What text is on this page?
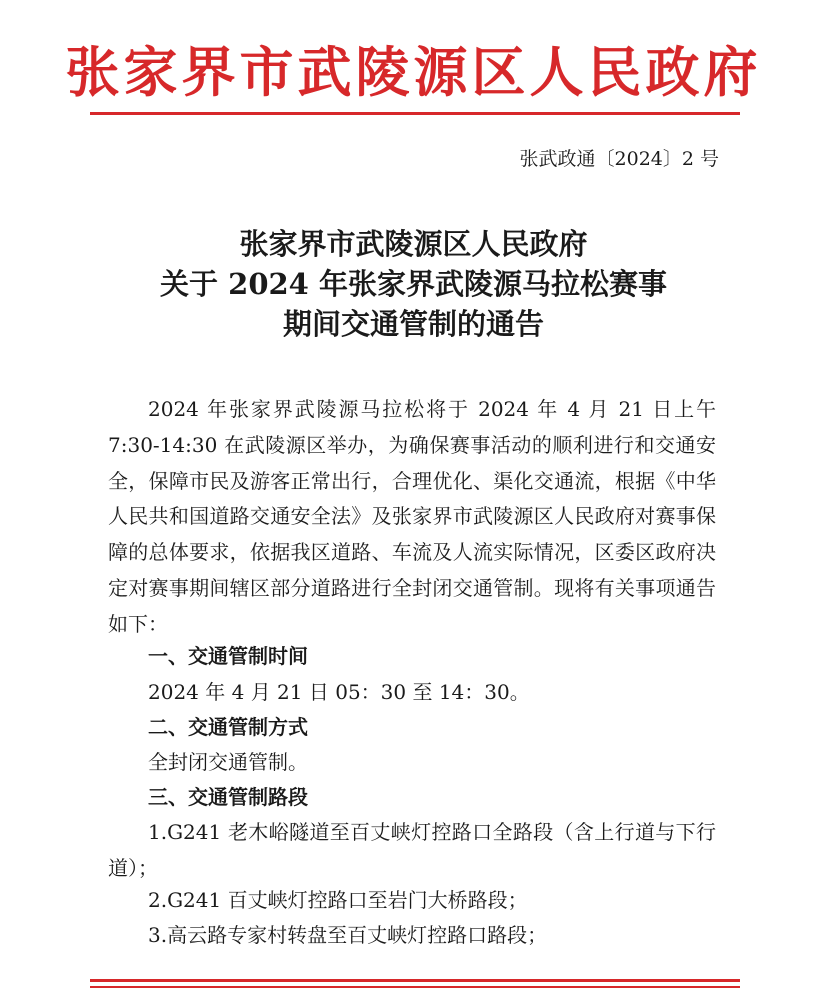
张家界市武陵源区人民政府
张武政通〔2024〕2 号
张家界市武陵源区人民政府
关于 2024 年张家界武陵源马拉松赛事
期间交通管制的通告

2024 年张家界武陵源马拉松将于 2024 年 4 月 21 日上午 7:30-14:30 在武陵源区举办，为确保赛事活动的顺利进行和交通安全，保障市民及游客正常出行，合理优化、渠化交通流，根据《中华人民共和国道路交通安全法》及张家界市武陵源区人民政府对赛事保障的总体要求，依据我区道路、车流及人流实际情况，区委区政府决定对赛事期间辖区部分道路进行全封闭交通管制。现将有关事项通告如下：

一、交通管制时间
2024 年 4 月 21 日 05：30 至 14：30。
二、交通管制方式
全封闭交通管制。
三、交通管制路段
1.G241 老木峪隧道至百丈峡灯控路口全路段（含上行道与下行道）；
2.G241 百丈峡灯控路口至岩门大桥路段；
3.高云路专家村转盘至百丈峡灯控路口路段；
